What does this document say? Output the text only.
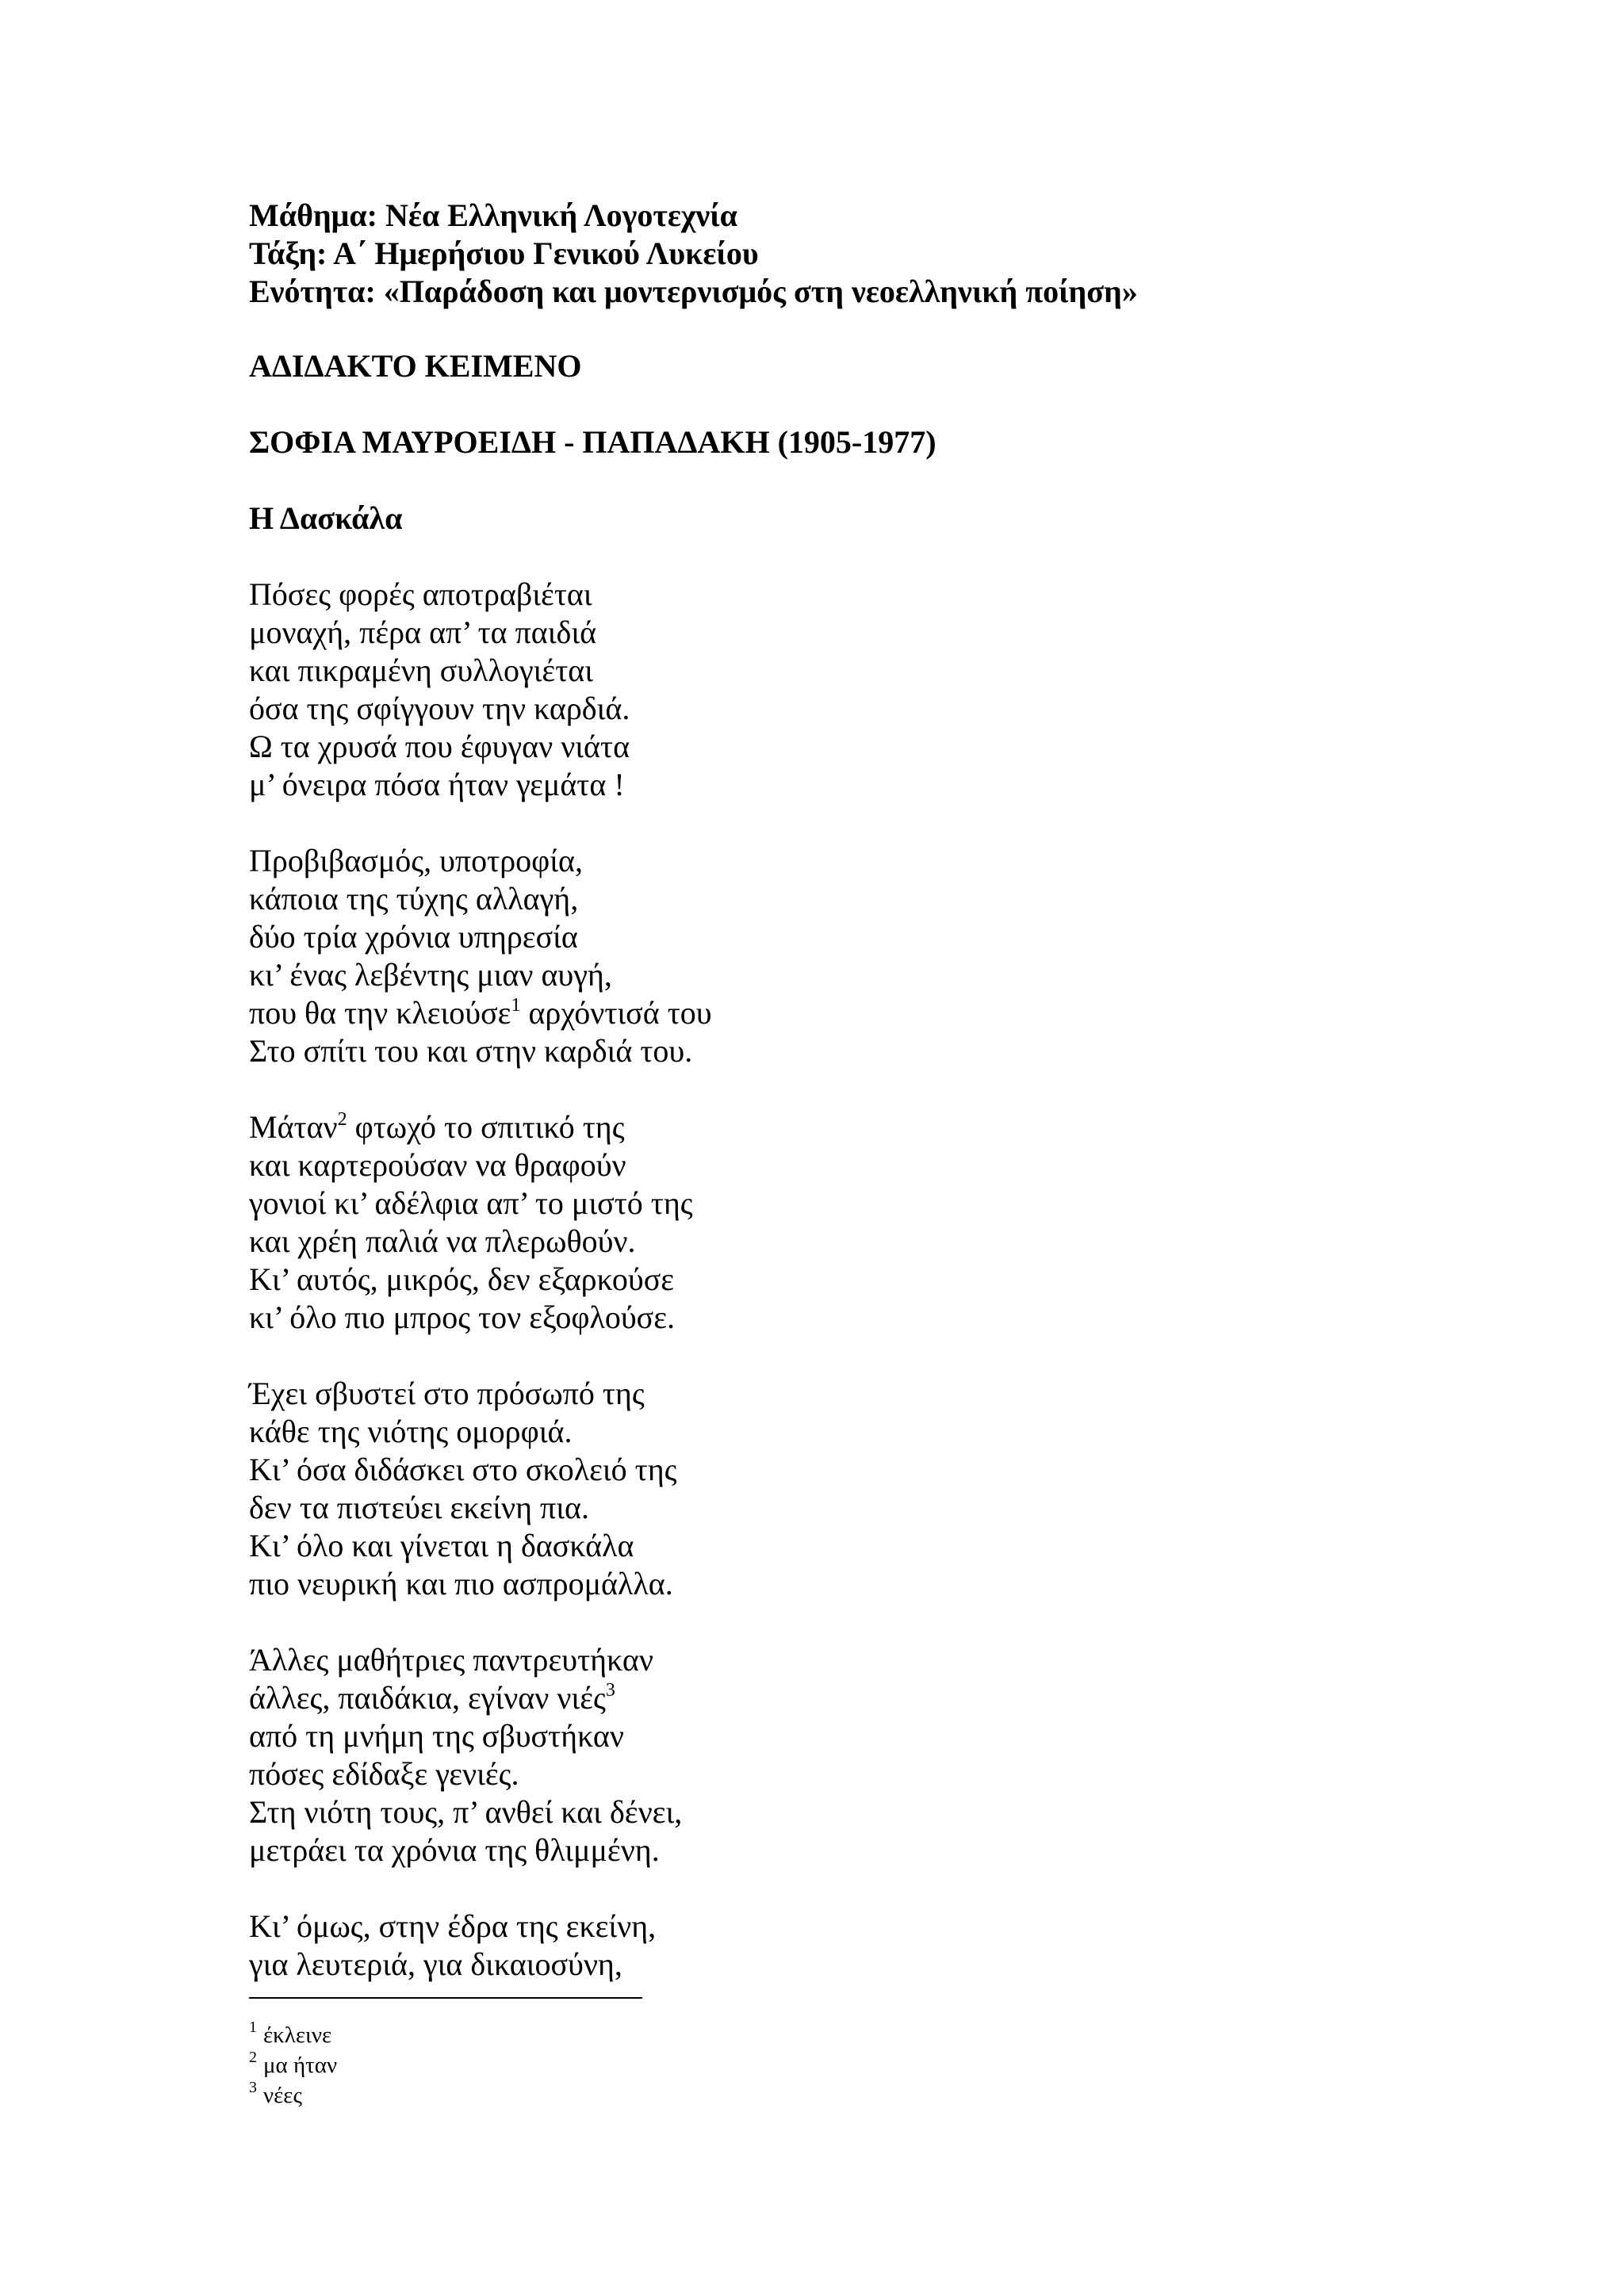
Μάθημα: Νέα Ελληνική Λογοτεχνία

Τάξη: Α΄ Ημερήσιου Γενικού Λυκείου

Ενότητα: «Παράδοση και μοντερνισμός στη νεοελληνική ποίηση»

ΑΔΙΔΑΚΤΟ ΚΕΙΜΕΝΟ

ΣΟΦΙΑ ΜΑΥΡΟΕΙΔΗ - ΠΑΠΑΔΑΚΗ (1905-1977)

Η Δασκάλα

Πόσες φορές αποτραβιέται

μοναχή, πέρα απ’ τα παιδιά

και πικραμένη συλλογιέται

όσα της σφίγγουν την καρδιά.

Ω τα χρυσά που έφυγαν νιάτα

μ’ όνειρα πόσα ήταν γεμάτα !

Προβιβασμός, υποτροφία,

κάποια της τύχης αλλαγή,

δύο τρία χρόνια υπηρεσία

κι’ ένας λεβέντης μιαν αυγή,

που θα την κλειούσε$^1$ αρχόντισά του

Στο σπίτι του και στην καρδιά του.

Μάταν$^2$ φτωχό το σπιτικό της

και καρτερούσαν να θραφούν

γονιοί κι’ αδέλφια απ’ το μιστό της

και χρέη παλιά να πλερωθούν.

Κι’ αυτός, μικρός, δεν εξαρκούσε

κι’ όλο πιο μπρος τον εξοφλούσε.

Έχει σβυστεί στο πρόσωπό της

κάθε της νιότης ομορφιά.

Κι’ όσα διδάσκει στο σκολειό της

δεν τα πιστεύει εκείνη πια.

Κι’ όλο και γίνεται η δασκάλα

πιο νευρική και πιο ασπρομάλλα.

Άλλες μαθήτριες παντρευτήκαν

άλλες, παιδάκια, εγίναν νιές$^3$

από τη μνήμη της σβυστήκαν

πόσες εδίδαξε γενιές.

Στη νιότη τους, π’ ανθεί και δένει,

μετράει τα χρόνια της θλιμμένη.

Κι’ όμως, στην έδρα της εκείνη,

για λευτεριά, για δικαιοσύνη,

$^1$ έκλεινε

$^2$ μα ήταν

$^3$ νέες
